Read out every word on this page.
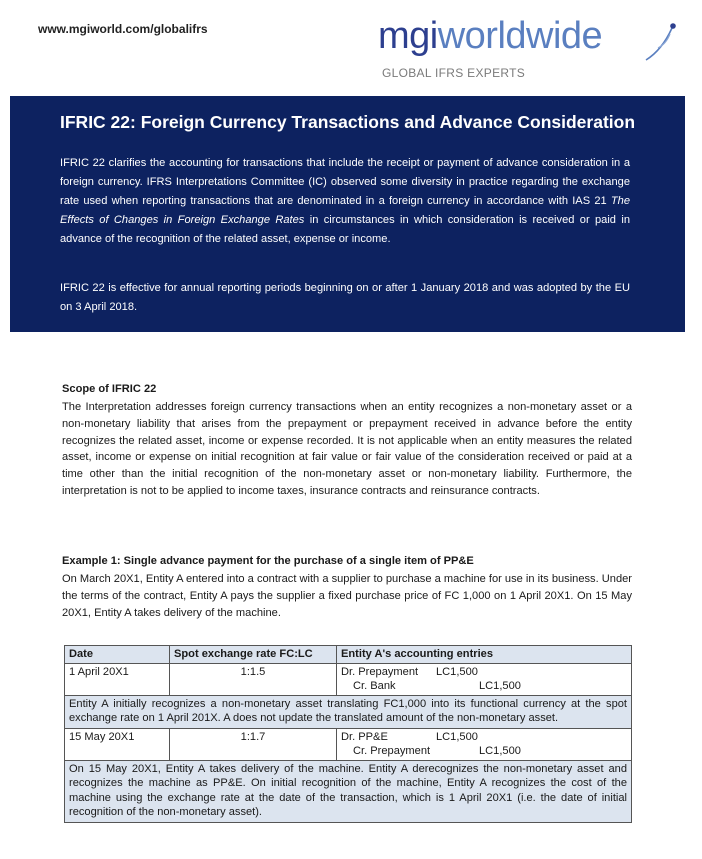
www.mgiworld.com/globalifrs	mgiworldwide
GLOBAL IFRS EXPERTS
IFRIC 22: Foreign Currency Transactions and Advance Consideration

IFRIC 22 clarifies the accounting for transactions that include the receipt or payment of advance consideration in a foreign currency. IFRS Interpretations Committee (IC) observed some diversity in practice regarding the exchange rate used when reporting transactions that are denominated in a foreign currency in accordance with IAS 21 The Effects of Changes in Foreign Exchange Rates in circumstances in which consideration is received or paid in advance of the recognition of the related asset, expense or income.

IFRIC 22 is effective for annual reporting periods beginning on or after 1 January 2018 and was adopted by the EU on 3 April 2018.

Scope of IFRIC 22
The Interpretation addresses foreign currency transactions when an entity recognizes a non-monetary asset or a non-monetary liability that arises from the prepayment or prepayment received in advance before the entity recognizes the related asset, income or expense recorded. It is not applicable when an entity measures the related asset, income or expense on initial recognition at fair value or fair value of the consideration received or paid at a time other than the initial recognition of the non-monetary asset or non-monetary liability. Furthermore, the interpretation is not to be applied to income taxes, insurance contracts and reinsurance contracts.
Example 1: Single advance payment for the purchase of a single item of PP&E
On March 20X1, Entity A entered into a contract with a supplier to purchase a machine for use in its business. Under the terms of the contract, Entity A pays the supplier a fixed purchase price of FC 1,000 on 1 April 20X1. On 15 May 20X1, Entity A takes delivery of the machine.
Date	Spot exchange rate FC:LC	Entity A's accounting entries
1 April 20X1	1:1.5	Dr. Prepayment LC1,500
Cr. Bank LC1,500

Entity A initially recognizes a non-monetary asset translating FC1,000 into its functional currency at the spot exchange rate on 1 April 201X. A does not update the translated amount of the non-monetary asset.		
15 May 20X1	1:1.7	Dr. PP&E LC1,500
Cr. Prepayment LC1,500

On 15 May 20X1, Entity A takes delivery of the machine. Entity A derecognizes the non-monetary asset and recognizes the machine as PP&E. On initial recognition of the machine, Entity A recognizes the cost of the machine using the exchange rate at the date of the transaction, which is 1 April 20X1 (i.e. the date of initial recognition of the non-monetary asset).		
